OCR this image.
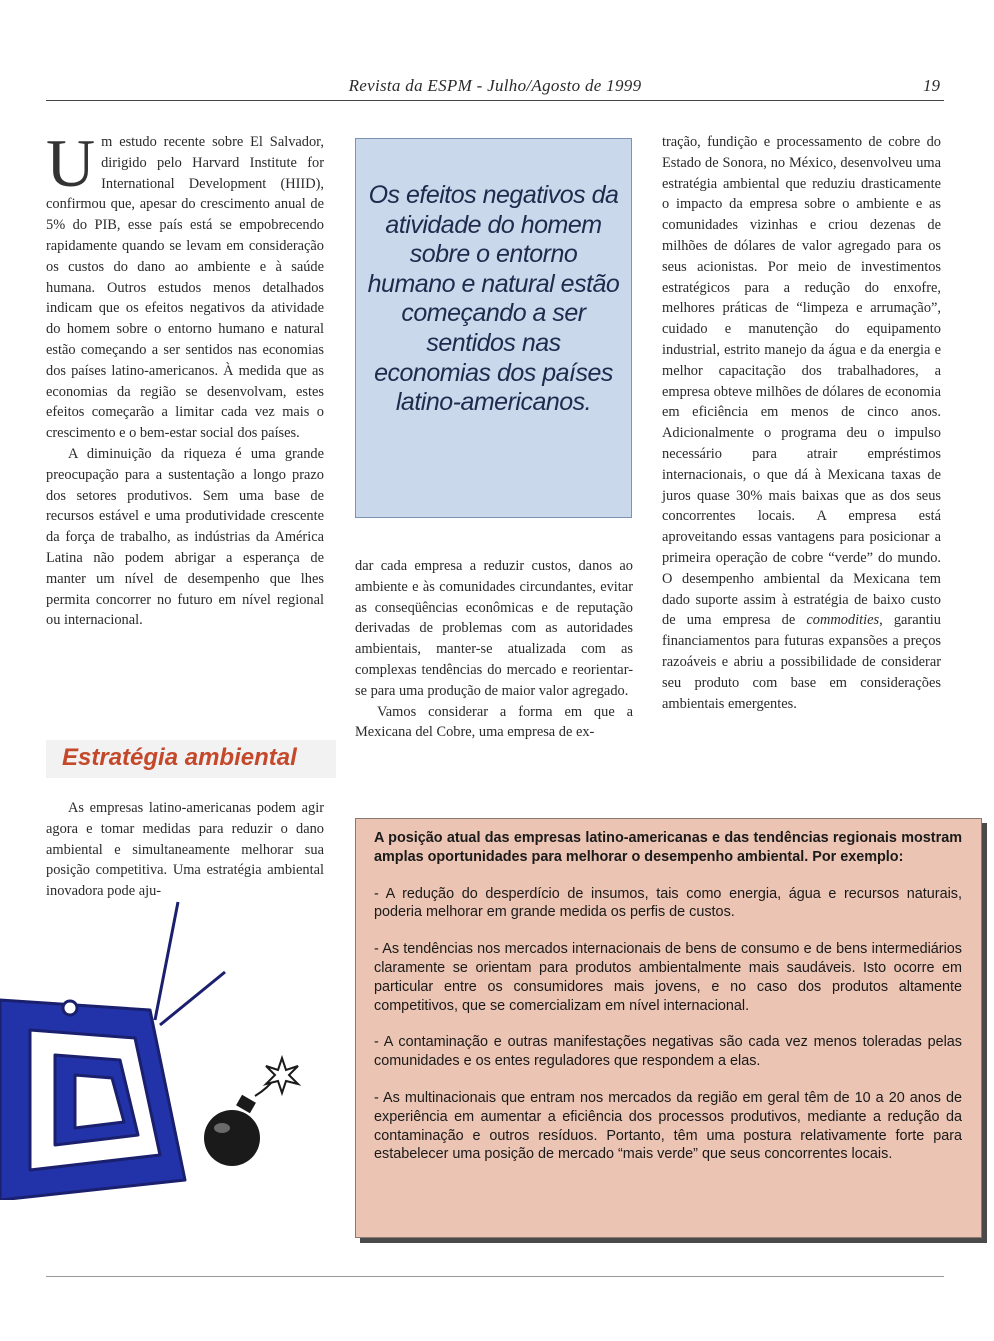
Revista da ESPM - Julho/Agosto de 1999	19

Um estudo recente sobre El Salvador, dirigido pelo Harvard Institute for International Development (HIID), confirmou que, apesar do crescimento anual de 5% do PIB, esse país está se empobrecendo rapidamente quando se levam em consideração os custos do dano ao ambiente e à saúde humana. Outros estudos menos detalhados indicam que os efeitos negativos da atividade do homem sobre o entorno humano e natural estão começando a ser sentidos nas economias dos países latino-americanos. À medida que as economias da região se desenvolvam, estes efeitos começarão a limitar cada vez mais o crescimento e o bem-estar social dos países.

A diminuição da riqueza é uma grande preocupação para a sustentação a longo prazo dos setores produtivos. Sem uma base de recursos estável e uma produtividade crescente da força de trabalho, as indústrias da América Latina não podem abrigar a esperança de manter um nível de desempenho que lhes permita concorrer no futuro em nível regional ou internacional.

Os efeitos negativos da atividade do homem sobre o entorno humano e natural estão começando a ser sentidos nas economias dos países latino-americanos.
Estratégia ambiental

As empresas latino-americanas podem agir agora e tomar medidas para reduzir o dano ambiental e simultaneamente melhorar sua posição competitiva. Uma estratégia ambiental inovadora pode aju-

dar cada empresa a reduzir custos, danos ao ambiente e às comunidades circundantes, evitar as conseqüências econômicas e de reputação derivadas de problemas com as autoridades ambientais, manter-se atualizada com as complexas tendências do mercado e reorientar-se para uma produção de maior valor agregado.

Vamos considerar a forma em que a Mexicana del Cobre, uma empresa de ex-

tração, fundição e processamento de cobre do Estado de Sonora, no México, desenvolveu uma estratégia ambiental que reduziu drasticamente o impacto da empresa sobre o ambiente e as comunidades vizinhas e criou dezenas de milhões de dólares de valor agregado para os seus acionistas. Por meio de investimentos estratégicos para a redução do enxofre, melhores práticas de “limpeza e arrumação”, cuidado e manutenção do equipamento industrial, estrito manejo da água e da energia e melhor capacitação dos trabalhadores, a empresa obteve milhões de dólares de economia em eficiência em menos de cinco anos. Adicionalmente o programa deu o impulso necessário para atrair empréstimos internacionais, o que dá à Mexicana taxas de juros quase 30% mais baixas que as dos seus concorrentes locais. A empresa está aproveitando essas vantagens para posicionar a primeira operação de cobre “verde” do mundo. O desempenho ambiental da Mexicana tem dado suporte assim à estratégia de baixo custo de uma empresa de commodities, garantiu financiamentos para futuras expansões a preços razoáveis e abriu a possibilidade de considerar seu produto com base em considerações ambientais emergentes.

A posição atual das empresas latino-americanas e das tendências regionais mostram amplas oportunidades para melhorar o desempenho ambiental. Por exemplo:

- A redução do desperdício de insumos, tais como energia, água e recursos naturais, poderia melhorar em grande medida os perfis de custos.

- As tendências nos mercados internacionais de bens de consumo e de bens intermediários claramente se orientam para produtos ambientalmente mais saudáveis. Isto ocorre em particular entre os consumidores mais jovens, e no caso dos produtos altamente competitivos, que se comercializam em nível internacional.

- A contaminação e outras manifestações negativas são cada vez menos toleradas pelas comunidades e os entes reguladores que respondem a elas.

- As multinacionais que entram nos mercados da região em geral têm de 10 a 20 anos de experiência em aumentar a eficiência dos processos produtivos, mediante a redução da contaminação e outros resíduos. Portanto, têm uma postura relativamente forte para estabelecer uma posição de mercado “mais verde” que seus concorrentes locais.
